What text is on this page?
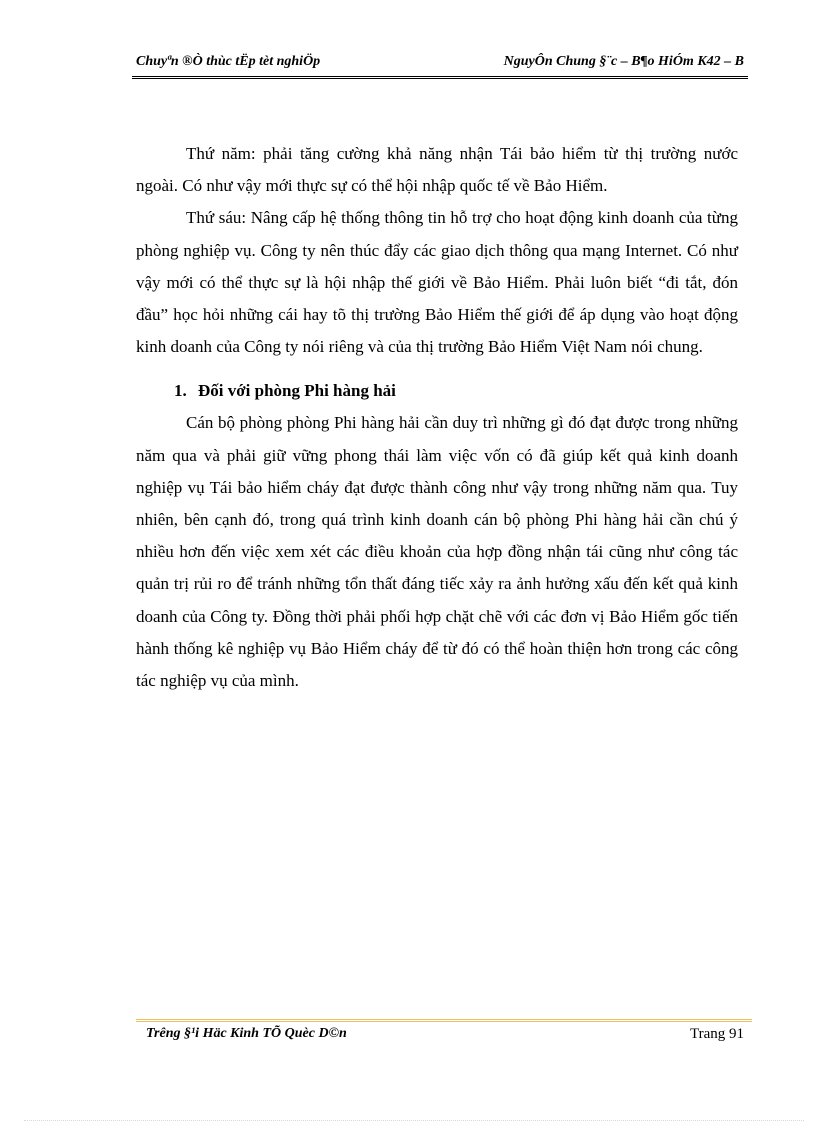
Chuyªn ®Ò thùc tËp tèt nghiÖp	NguyÔn Chung §¨c – B¶o HiÓm K42 – B

Thứ năm: phải tăng cường khả năng nhận Tái bảo hiểm từ thị trường nước ngoài. Có như vậy mới thực sự có thể hội nhập quốc tế về Bảo Hiểm.

Thứ sáu: Nâng cấp hệ thống thông tin hỗ trợ cho hoạt động kinh doanh của từng phòng nghiệp vụ. Công ty nên thúc đẩy các giao dịch thông qua mạng Internet. Có như vậy mới có thể thực sự là hội nhập thế giới về Bảo Hiểm. Phải luôn biết “đi tắt, đón đầu” học hỏi những cái hay tõ thị trường Bảo Hiểm thế giới để áp dụng vào hoạt động kinh doanh của Công ty nói riêng và của thị trường Bảo Hiểm Việt Nam nói chung.

1. Đối với phòng Phi hàng hải

Cán bộ phòng phòng Phi hàng hải cần duy trì những gì đó đạt được trong những năm qua và phải giữ vững phong thái làm việc vốn có đã giúp kết quả kinh doanh nghiệp vụ Tái bảo hiểm cháy đạt được thành công như vậy trong những năm qua. Tuy nhiên, bên cạnh đó, trong quá trình kinh doanh cán bộ phòng Phi hàng hải cần chú ý nhiều hơn đến việc xem xét các điều khoản của hợp đồng nhận tái cũng như công tác quản trị rủi ro để tránh những tổn thất đáng tiếc xảy ra ảnh hưởng xấu đến kết quả kinh doanh của Công ty. Đồng thời phải phối hợp chặt chẽ với các đơn vị Bảo Hiểm gốc tiến hành thống kê nghiệp vụ Bảo Hiểm cháy để từ đó có thể hoàn thiện hơn trong các công tác nghiệp vụ của mình.

Trêng §¹i Häc Kinh TÕ Quèc D©n	Trang 91
